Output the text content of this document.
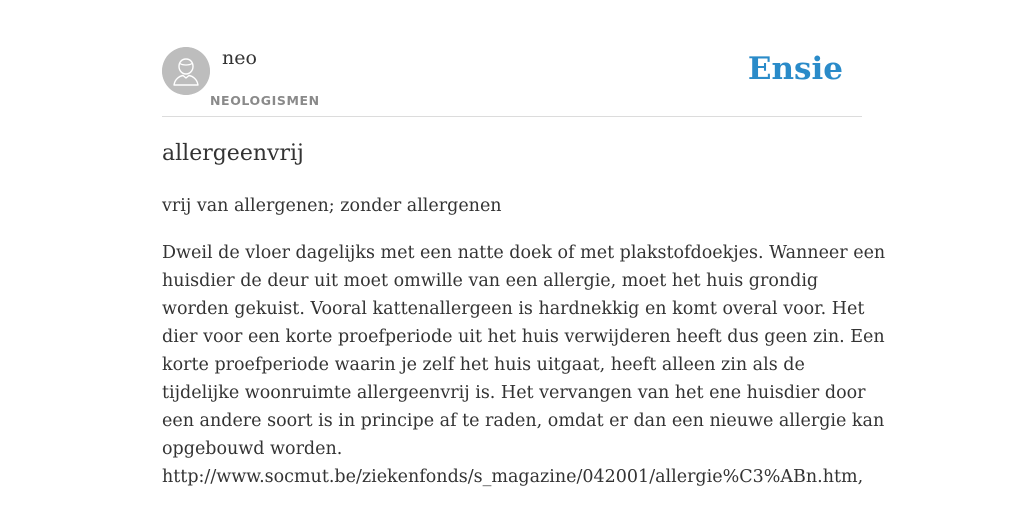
neo
NEOLOGISMEN
Ensie
allergeenvrij

vrij van allergenen; zonder allergenen

Dweil de vloer dagelijks met een natte doek of met plakstofdoekjes. Wanneer een
huisdier de deur uit moet omwille van een allergie, moet het huis grondig
worden gekuist. Vooral kattenallergeen is hardnekkig en komt overal voor. Het
dier voor een korte proefperiode uit het huis verwijderen heeft dus geen zin. Een
korte proefperiode waarin je zelf het huis uitgaat, heeft alleen zin als de
tijdelijke woonruimte allergeenvrij is. Het vervangen van het ene huisdier door
een andere soort is in principe af te raden, omdat er dan een nieuwe allergie kan
opgebouwd worden.
http://www.socmut.be/ziekenfonds/s_magazine/042001/allergie%C3%ABn.htm,
